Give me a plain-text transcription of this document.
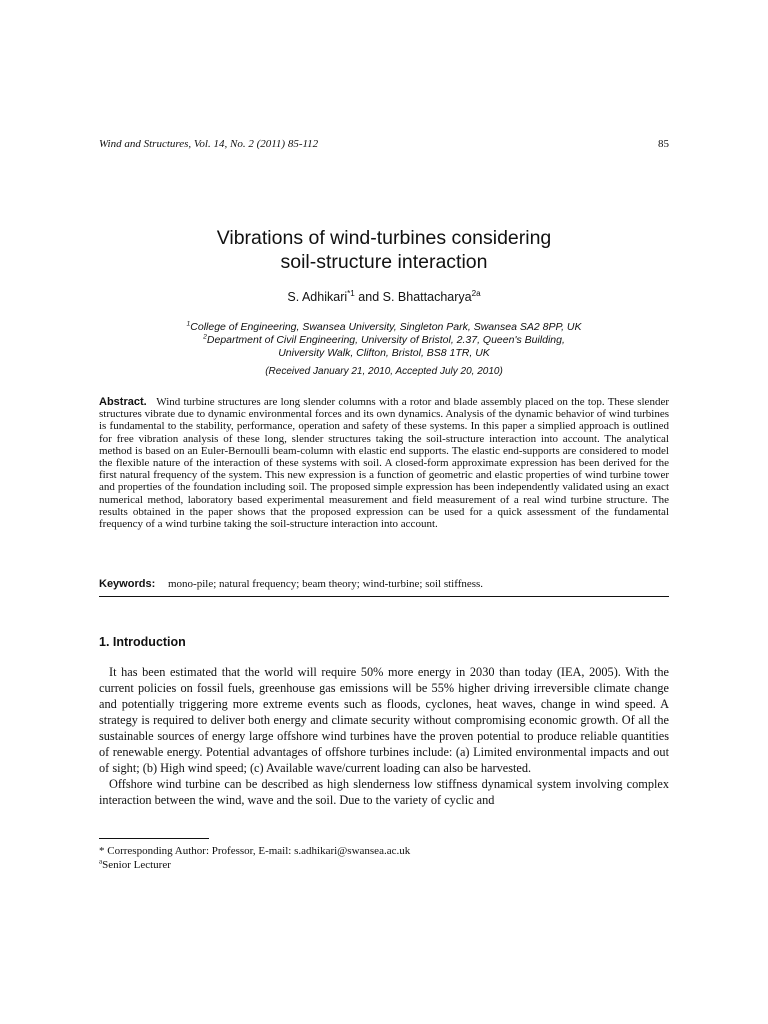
Wind and Structures, Vol. 14, No. 2 (2011) 85-112	85
Vibrations of wind-turbines considering
soil-structure interaction
S. Adhikari$^{*1}$ and S. Bhattacharya$^{2a}$
$^1$College of Engineering, Swansea University, Singleton Park, Swansea SA2 8PP, UK
$^2$Department of Civil Engineering, University of Bristol, 2.37, Queen's Building,
University Walk, Clifton, Bristol, BS8 1TR, UK
(Received January 21, 2010, Accepted July 20, 2010)
Abstract. Wind turbine structures are long slender columns with a rotor and blade assembly placed on the top. These slender structures vibrate due to dynamic environmental forces and its own dynamics. Analysis of the dynamic behavior of wind turbines is fundamental to the stability, performance, operation and safety of these systems. In this paper a simplied approach is outlined for free vibration analysis of these long, slender structures taking the soil-structure interaction into account. The analytical method is based on an Euler-Bernoulli beam-column with elastic end supports. The elastic end-supports are considered to model the flexible nature of the interaction of these systems with soil. A closed-form approximate expression has been derived for the first natural frequency of the system. This new expression is a function of geometric and elastic properties of wind turbine tower and properties of the foundation including soil. The proposed simple expression has been independently validated using an exact numerical method, laboratory based experimental measurement and field measurement of a real wind turbine structure. The results obtained in the paper shows that the proposed expression can be used for a quick assessment of the fundamental frequency of a wind turbine taking the soil-structure interaction into account.
Keywords: mono-pile; natural frequency; beam theory; wind-turbine; soil stiffness.
1. Introduction

It has been estimated that the world will require 50% more energy in 2030 than today (IEA, 2005). With the current policies on fossil fuels, greenhouse gas emissions will be 55% higher driving irreversible climate change and potentially triggering more extreme events such as floods, cyclones, heat waves, change in wind speed. A strategy is required to deliver both energy and climate security without compromising economic growth. Of all the sustainable sources of energy large offshore wind turbines have the proven potential to produce reliable quantities of renewable energy. Potential advantages of offshore turbines include: (a) Limited environmental impacts and out of sight; (b) High wind speed; (c) Available wave/current loading can also be harvested.

Offshore wind turbine can be described as high slenderness low stiffness dynamical system involving complex interaction between the wind, wave and the soil. Due to the variety of cyclic and

* Corresponding Author: Professor, E-mail: s.adhikari@swansea.ac.uk
$^a$Senior Lecturer
